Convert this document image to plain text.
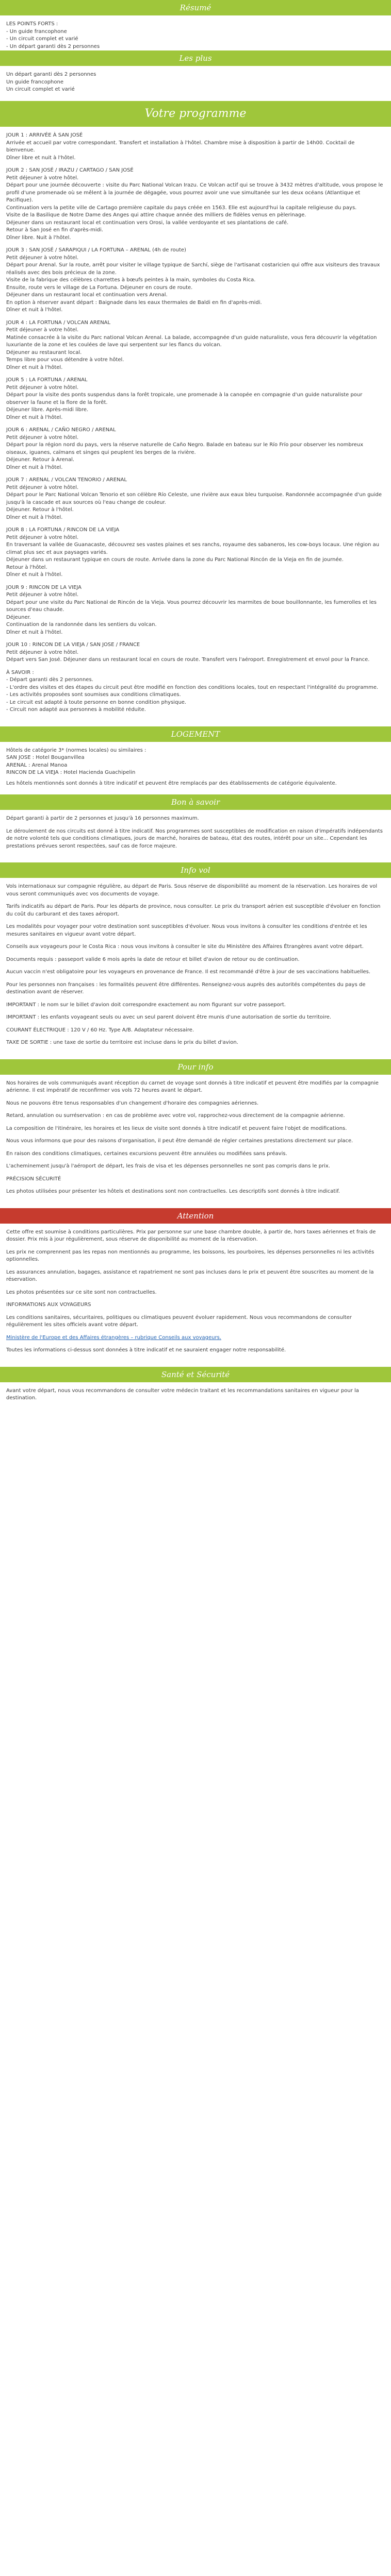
Résumé
LES POINTS FORTS :
- Un guide francophone
- Un circuit complet et varié
- Un départ garanti dès 2 personnes
Les plus
Un départ garanti dès 2 personnes
Un guide francophone
Un circuit complet et varié
Votre programme
JOUR 1 : ARRIVÉE À SAN JOSÉ
Arrivée et accueil par votre correspondant. Transfert et installation à l'hôtel. Chambre mise à disposition à partir de 14h00. Cocktail de bienvenue.
Dîner libre et nuit à l'hôtel.
JOUR 2 : SAN JOSÉ / IRAZU / CARTAGO / SAN JOSÉ
Petit déjeuner à votre hôtel.
Départ pour une journée découverte : visite du Parc National Volcan Irazu. Ce Volcan actif qui se trouve à 3432 mètres d'altitude, vous propose le profil d'une promenade où se mêlent à la journée de dégagée, vous pourrez avoir une vue simultanée sur les deux océans (Atlantique et Pacifique).
Continuation vers la petite ville de Cartago première capitale du pays créée en 1563. Elle est aujourd'hui la capitale religieuse du pays.
Visite de la Basilique de Notre Dame des Anges qui attire chaque année des milliers de fidèles venus en pèlerinage.
Déjeuner dans un restaurant local et continuation vers Orosi, la vallée verdoyante et ses plantations de café.
Retour à San José en fin d'après-midi.
Dîner libre. Nuit à l'hôtel.
JOUR 3 : SAN JOSÉ / SARAPIQUI / LA FORTUNA – ARENAL (4h de route)
Petit déjeuner à votre hôtel.
Départ pour Arenal. Sur la route, arrêt pour visiter le village typique de Sarchí, siège de l'artisanat costaricien qui offre aux visiteurs des travaux réalisés avec des bois précieux de la zone.
Visite de la fabrique des célèbres charrettes à bœufs peintes à la main, symboles du Costa Rica.
Ensuite, route vers le village de La Fortuna. Déjeuner en cours de route.
Déjeuner dans un restaurant local et continuation vers Arenal.
En option à réserver avant départ : Baignade dans les eaux thermales de Baldi en fin d'après-midi.
Dîner et nuit à l'hôtel.
JOUR 4 : LA FORTUNA / VOLCAN ARENAL
Petit déjeuner à votre hôtel.
Matinée consacrée à la visite du Parc national Volcan Arenal. La balade, accompagnée d'un guide naturaliste, vous fera découvrir la végétation luxuriante de la zone et les coulées de lave qui serpentent sur les flancs du volcan.
Déjeuner au restaurant local.
Temps libre pour vous détendre à votre hôtel.
Dîner et nuit à l'hôtel.
JOUR 5 : LA FORTUNA / ARENAL
Petit déjeuner à votre hôtel.
Départ pour la visite des ponts suspendus dans la forêt tropicale, une promenade à la canopée en compagnie d'un guide naturaliste pour observer la faune et la flore de la forêt.
Déjeuner libre. Après-midi libre.
Dîner et nuit à l'hôtel.
JOUR 6 : ARENAL / CAÑO NEGRO / ARENAL
Petit déjeuner à votre hôtel.
Départ pour la région nord du pays, vers la réserve naturelle de Caño Negro. Balade en bateau sur le Río Frío pour observer les nombreux oiseaux, iguanes, caïmans et singes qui peuplent les berges de la rivière.
Déjeuner. Retour à Arenal.
Dîner et nuit à l'hôtel.
JOUR 7 : ARENAL / VOLCAN TENORIO / ARENAL
Petit déjeuner à votre hôtel.
Départ pour le Parc National Volcan Tenorio et son célèbre Río Celeste, une rivière aux eaux bleu turquoise. Randonnée accompagnée d'un guide jusqu'à la cascade et aux sources où l'eau change de couleur.
Déjeuner. Retour à l'hôtel.
Dîner et nuit à l'hôtel.
JOUR 8 : LA FORTUNA / RINCON DE LA VIEJA
Petit déjeuner à votre hôtel.
En traversant la vallée de Guanacaste, découvrez ses vastes plaines et ses ranchs, royaume des sabaneros, les cow-boys locaux. Une région au climat plus sec et aux paysages variés.
Déjeuner dans un restaurant typique en cours de route. Arrivée dans la zone du Parc National Rincón de la Vieja en fin de journée.
Retour à l'hôtel.
Dîner et nuit à l'hôtel.
JOUR 9 : RINCON DE LA VIEJA
Petit déjeuner à votre hôtel.
Départ pour une visite du Parc National de Rincón de la Vieja. Vous pourrez découvrir les marmites de boue bouillonnante, les fumerolles et les sources d'eau chaude.
Déjeuner.
Continuation de la randonnée dans les sentiers du volcan.
Dîner et nuit à l'hôtel.
JOUR 10 : RINCON DE LA VIEJA / SAN JOSE / FRANCE
Petit déjeuner à votre hôtel.
Départ vers San José. Déjeuner dans un restaurant local en cours de route. Transfert vers l'aéroport. Enregistrement et envol pour la France.
À SAVOIR :
- Départ garanti dès 2 personnes.
- L'ordre des visites et des étapes du circuit peut être modifié en fonction des conditions locales, tout en respectant l'intégralité du programme.
- Les activités proposées sont soumises aux conditions climatiques.
- Le circuit est adapté à toute personne en bonne condition physique.
- Circuit non adapté aux personnes à mobilité réduite.
LOGEMENT
Hôtels de catégorie 3* (normes locales) ou similaires :
SAN JOSE : Hotel Bouganvillea
ARENAL : Arenal Manoa
RINCON DE LA VIEJA : Hotel Hacienda Guachipelin
Les hôtels mentionnés sont donnés à titre indicatif et peuvent être remplacés par des établissements de catégorie équivalente.
Bon à savoir

Départ garanti à partir de 2 personnes et jusqu'à 16 personnes maximum.

Le déroulement de nos circuits est donné à titre indicatif. Nos programmes sont susceptibles de modification en raison d'impératifs indépendants de notre volonté tels que conditions climatiques, jours de marché, horaires de bateau, état des routes, intérêt pour un site... Cependant les prestations prévues seront respectées, sauf cas de force majeure.

Info vol

Vols internationaux sur compagnie régulière, au départ de Paris. Sous réserve de disponibilité au moment de la réservation. Les horaires de vol vous seront communiqués avec vos documents de voyage.

Tarifs indicatifs au départ de Paris. Pour les départs de province, nous consulter. Le prix du transport aérien est susceptible d'évoluer en fonction du coût du carburant et des taxes aéroport.

Les modalités pour voyager pour votre destination sont susceptibles d'évoluer. Nous vous invitons à consulter les conditions d'entrée et les mesures sanitaires en vigueur avant votre départ.

Conseils aux voyageurs pour le Costa Rica : nous vous invitons à consulter le site du Ministère des Affaires Étrangères avant votre départ.

Documents requis : passeport valide 6 mois après la date de retour et billet d'avion de retour ou de continuation.

Aucun vaccin n'est obligatoire pour les voyageurs en provenance de France. Il est recommandé d'être à jour de ses vaccinations habituelles.

Pour les personnes non françaises : les formalités peuvent être différentes. Renseignez-vous auprès des autorités compétentes du pays de destination avant de réserver.

IMPORTANT : le nom sur le billet d'avion doit correspondre exactement au nom figurant sur votre passeport.

IMPORTANT : les enfants voyageant seuls ou avec un seul parent doivent être munis d'une autorisation de sortie du territoire.

COURANT ÉLECTRIQUE : 120 V / 60 Hz. Type A/B. Adaptateur nécessaire.

TAXE DE SORTIE : une taxe de sortie du territoire est incluse dans le prix du billet d'avion.

Pour info

Nos horaires de vols communiqués avant réception du carnet de voyage sont donnés à titre indicatif et peuvent être modifiés par la compagnie aérienne. Il est impératif de reconfirmer vos vols 72 heures avant le départ.

Nous ne pouvons être tenus responsables d'un changement d'horaire des compagnies aériennes.

Retard, annulation ou surréservation : en cas de problème avec votre vol, rapprochez-vous directement de la compagnie aérienne.

La composition de l'itinéraire, les horaires et les lieux de visite sont donnés à titre indicatif et peuvent faire l'objet de modifications.

Nous vous informons que pour des raisons d'organisation, il peut être demandé de régler certaines prestations directement sur place.

En raison des conditions climatiques, certaines excursions peuvent être annulées ou modifiées sans préavis.

L'acheminement jusqu'à l'aéroport de départ, les frais de visa et les dépenses personnelles ne sont pas compris dans le prix.

PRÉCISION SÉCURITÉ

Les photos utilisées pour présenter les hôtels et destinations sont non contractuelles. Les descriptifs sont donnés à titre indicatif.

Attention

Cette offre est soumise à conditions particulières. Prix par personne sur une base chambre double, à partir de, hors taxes aériennes et frais de dossier. Prix mis à jour régulièrement, sous réserve de disponibilité au moment de la réservation.

Les prix ne comprennent pas les repas non mentionnés au programme, les boissons, les pourboires, les dépenses personnelles ni les activités optionnelles.

Les assurances annulation, bagages, assistance et rapatriement ne sont pas incluses dans le prix et peuvent être souscrites au moment de la réservation.

Les photos présentées sur ce site sont non contractuelles.

INFORMATIONS AUX VOYAGEURS

Les conditions sanitaires, sécuritaires, politiques ou climatiques peuvent évoluer rapidement. Nous vous recommandons de consulter régulièrement les sites officiels avant votre départ.

Ministère de l'Europe et des Affaires étrangères – rubrique Conseils aux voyageurs.

Toutes les informations ci-dessus sont données à titre indicatif et ne sauraient engager notre responsabilité.

Santé et Sécurité

Avant votre départ, nous vous recommandons de consulter votre médecin traitant et les recommandations sanitaires en vigueur pour la destination.
